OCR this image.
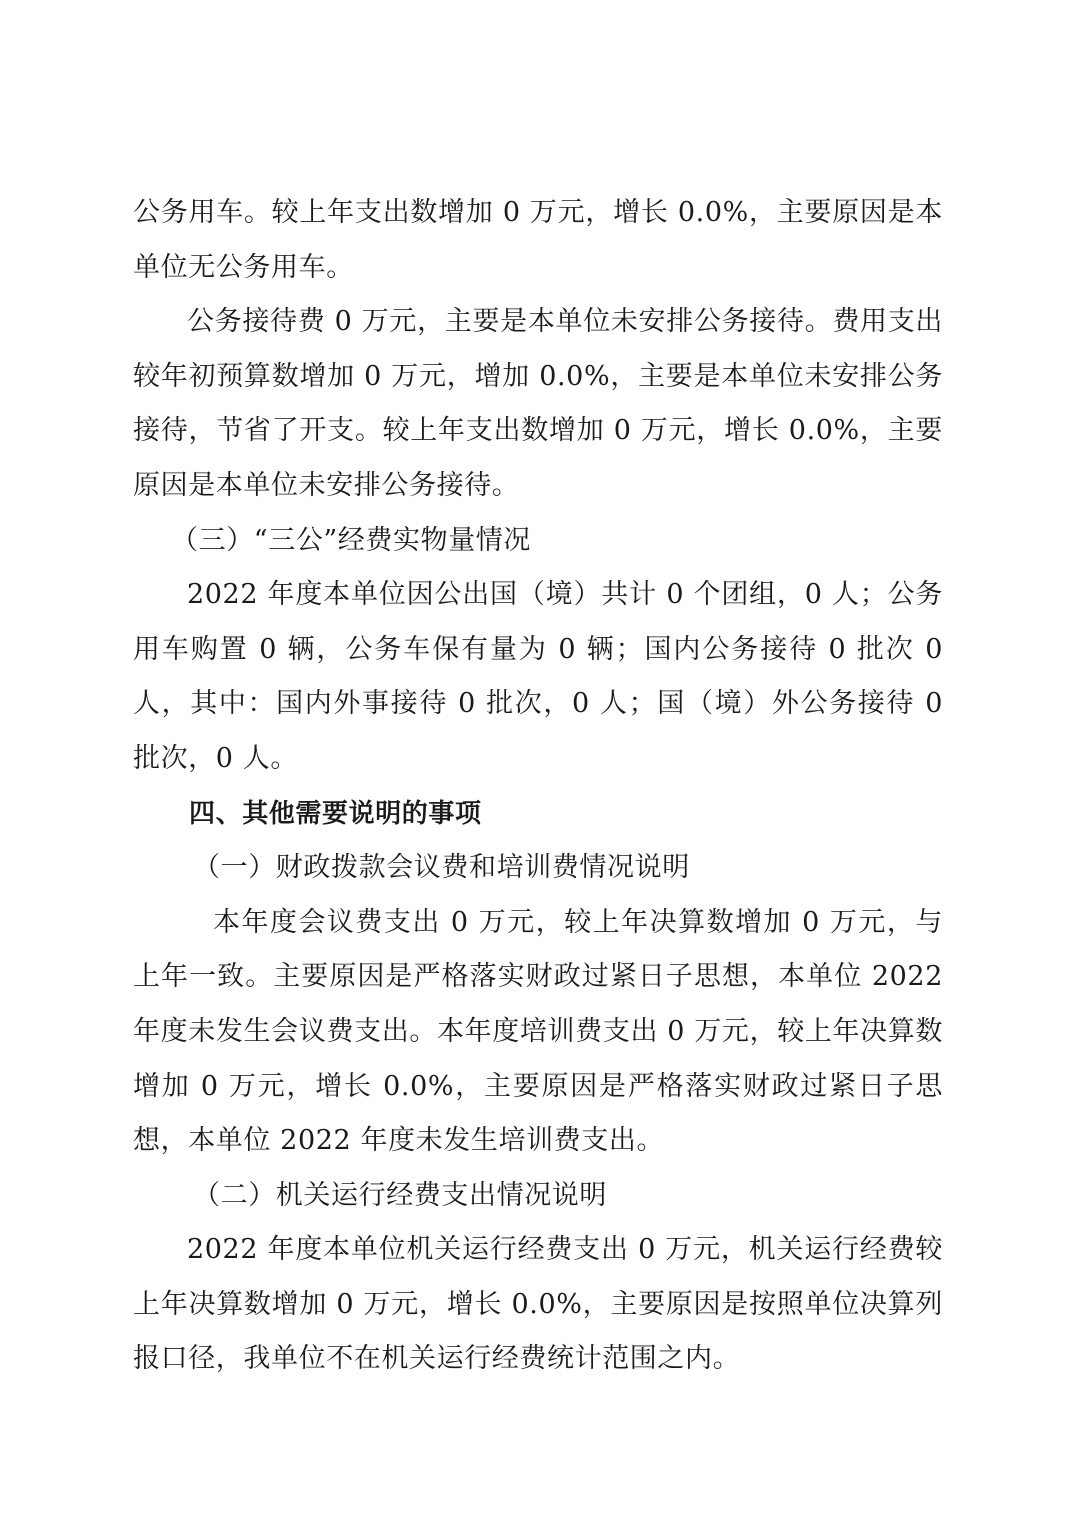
公务用车。较上年支出数增加 0 万元，增长 0.0%，主要原因是本单位无公务用车。

公务接待费 0 万元，主要是本单位未安排公务接待。费用支出较年初预算数增加 0 万元，增加 0.0%，主要是本单位未安排公务接待，节省了开支。较上年支出数增加 0 万元，增长 0.0%，主要原因是本单位未安排公务接待。

（三）“三公”经费实物量情况

2022 年度本单位因公出国（境）共计 0 个团组，0 人；公务用车购置 0 辆，公务车保有量为 0 辆；国内公务接待 0 批次 0 人，其中：国内外事接待 0 批次，0 人；国（境）外公务接待 0 批次，0 人。

四、其他需要说明的事项

（一）财政拨款会议费和培训费情况说明

本年度会议费支出 0 万元，较上年决算数增加 0 万元，与上年一致。主要原因是严格落实财政过紧日子思想，本单位 2022 年度未发生会议费支出。本年度培训费支出 0 万元，较上年决算数增加 0 万元，增长 0.0%，主要原因是严格落实财政过紧日子思想，本单位 2022 年度未发生培训费支出。

（二）机关运行经费支出情况说明

2022 年度本单位机关运行经费支出 0 万元，机关运行经费较上年决算数增加 0 万元，增长 0.0%，主要原因是按照单位决算列报口径，我单位不在机关运行经费统计范围之内。
